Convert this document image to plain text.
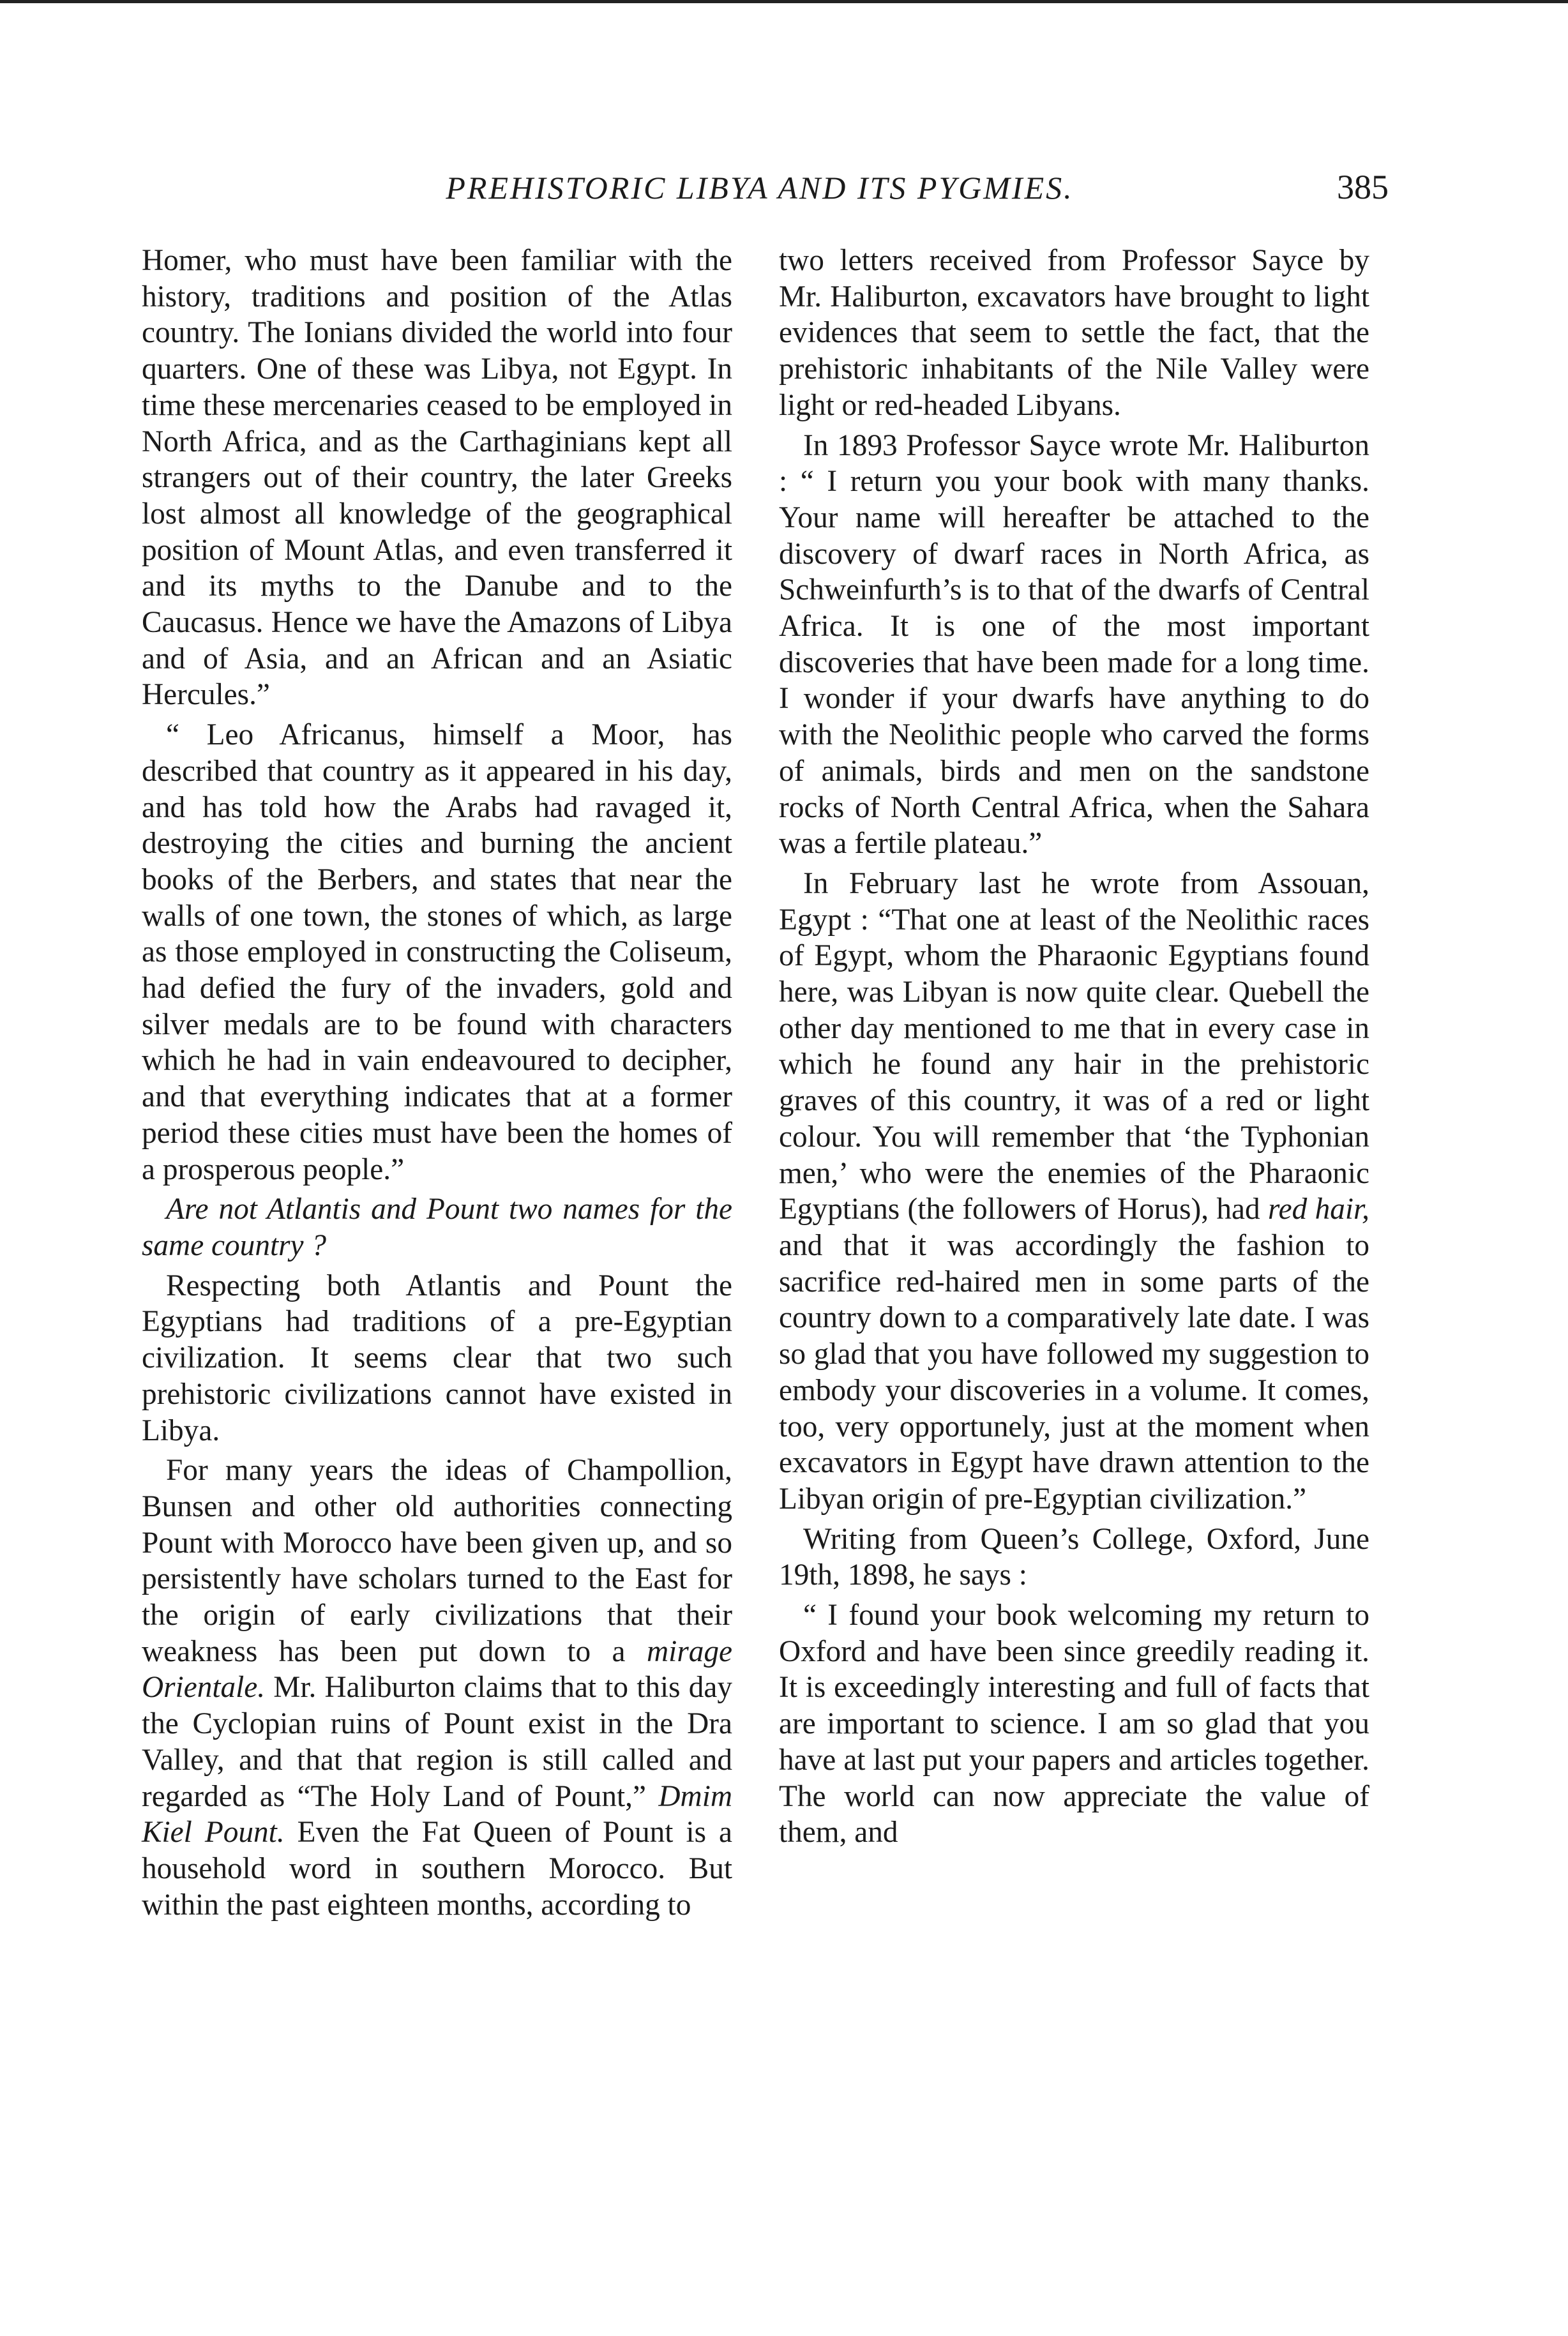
PREHISTORIC LIBYA AND ITS PYGMIES.	385

Homer, who must have been familiar with the history, traditions and position of the Atlas country. The Ionians divided the world into four quarters. One of these was Libya, not Egypt. In time these mercenaries ceased to be employed in North Africa, and as the Carthaginians kept all strangers out of their country, the later Greeks lost almost all knowledge of the geographical position of Mount Atlas, and even transferred it and its myths to the Danube and to the Caucasus. Hence we have the Amazons of Libya and of Asia, and an African and an Asiatic Hercules.”

“ Leo Africanus, himself a Moor, has described that country as it appeared in his day, and has told how the Arabs had ravaged it, destroying the cities and burning the ancient books of the Berbers, and states that near the walls of one town, the stones of which, as large as those employed in constructing the Coliseum, had defied the fury of the invaders, gold and silver medals are to be found with characters which he had in vain endeavoured to decipher, and that everything indicates that at a former period these cities must have been the homes of a prosperous people.”

Are not Atlantis and Pount two names for the same country ?

Respecting both Atlantis and Pount the Egyptians had traditions of a pre-Egyptian civilization. It seems clear that two such prehistoric civilizations cannot have existed in Libya.

For many years the ideas of Champollion, Bunsen and other old authorities connecting Pount with Morocco have been given up, and so persistently have scholars turned to the East for the origin of early civilizations that their weakness has been put down to a mirage Orientale. Mr. Haliburton claims that to this day the Cyclopian ruins of Pount exist in the Dra Valley, and that that region is still called and regarded as “The Holy Land of Pount,” Dmim Kiel Pount. Even the Fat Queen of Pount is a household word in southern Morocco. But within the past eighteen months, according to

two letters received from Professor Sayce by Mr. Haliburton, excavators have brought to light evidences that seem to settle the fact, that the prehistoric inhabitants of the Nile Valley were light or red-headed Libyans.

In 1893 Professor Sayce wrote Mr. Haliburton : “ I return you your book with many thanks. Your name will hereafter be attached to the discovery of dwarf races in North Africa, as Schweinfurth’s is to that of the dwarfs of Central Africa. It is one of the most important discoveries that have been made for a long time. I wonder if your dwarfs have anything to do with the Neolithic people who carved the forms of animals, birds and men on the sandstone rocks of North Central Africa, when the Sahara was a fertile plateau.”

In February last he wrote from Assouan, Egypt : “That one at least of the Neolithic races of Egypt, whom the Pharaonic Egyptians found here, was Libyan is now quite clear. Quebell the other day mentioned to me that in every case in which he found any hair in the prehistoric graves of this country, it was of a red or light colour. You will remember that ‘the Typhonian men,’ who were the enemies of the Pharaonic Egyptians (the followers of Horus), had red hair, and that it was accordingly the fashion to sacrifice red-haired men in some parts of the country down to a comparatively late date. I was so glad that you have followed my suggestion to embody your discoveries in a volume. It comes, too, very opportunely, just at the moment when excavators in Egypt have drawn attention to the Libyan origin of pre-Egyptian civilization.”

Writing from Queen’s College, Oxford, June 19th, 1898, he says :

“ I found your book welcoming my return to Oxford and have been since greedily reading it. It is exceedingly interesting and full of facts that are important to science. I am so glad that you have at last put your papers and articles together. The world can now appreciate the value of them, and
